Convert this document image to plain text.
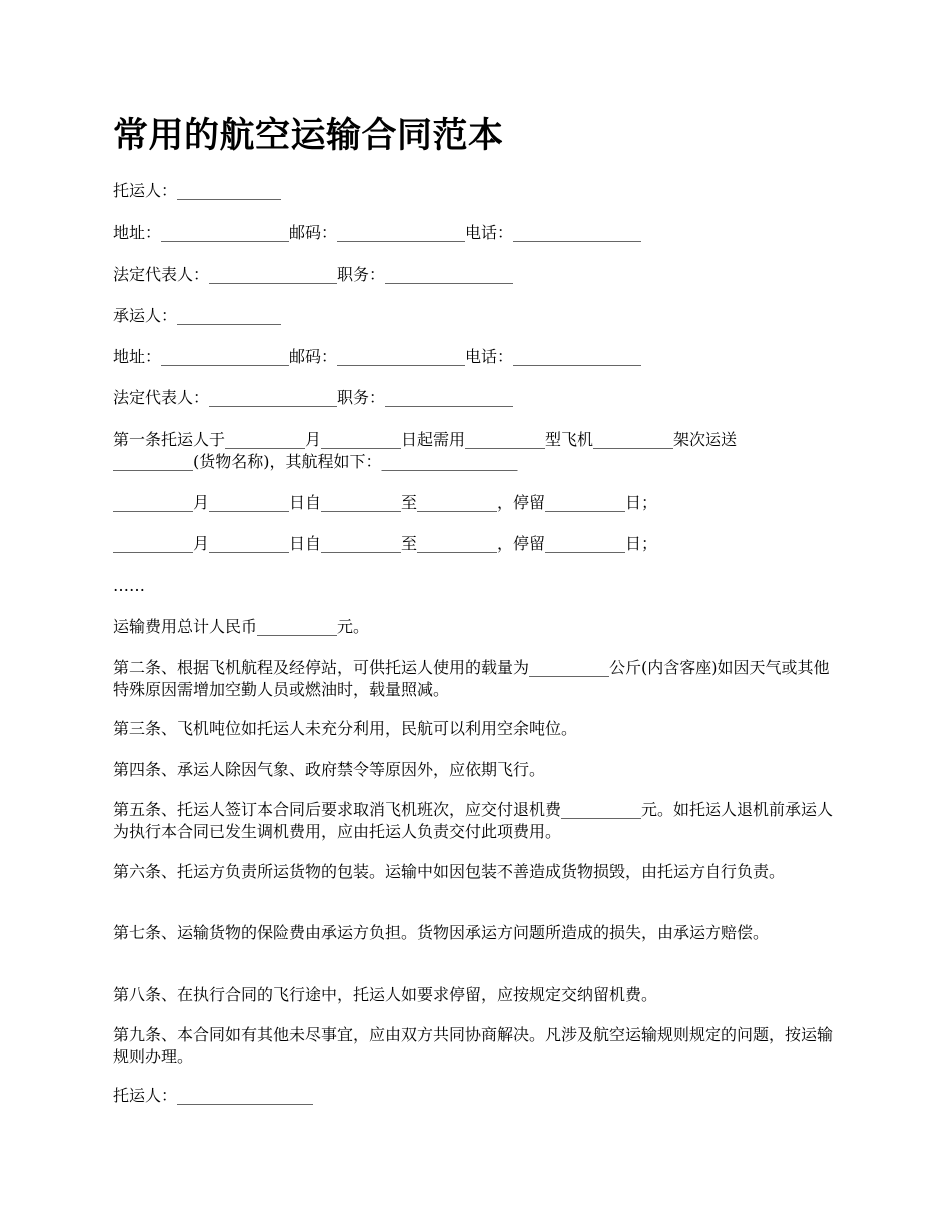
常用的航空运输合同范本

托运人：_____________

地址：________________邮码：________________电话：________________

法定代表人：________________职务：________________

承运人：_____________

地址：________________邮码：________________电话：________________

法定代表人：________________职务：________________

第一条托运人于__________月__________日起需用__________型飞机__________架次运送__________(货物名称)，其航程如下：_________________

__________月__________日自__________至__________，停留__________日；

__________月__________日自__________至__________，停留__________日；

……

运输费用总计人民币__________元。

第二条、根据飞机航程及经停站，可供托运人使用的载量为__________公斤(内含客座)如因天气或其他特殊原因需增加空勤人员或燃油时，载量照减。

第三条、飞机吨位如托运人未充分利用，民航可以利用空余吨位。

第四条、承运人除因气象、政府禁令等原因外，应依期飞行。

第五条、托运人签订本合同后要求取消飞机班次，应交付退机费__________元。如托运人退机前承运人为执行本合同已发生调机费用，应由托运人负责交付此项费用。

第六条、托运方负责所运货物的包装。运输中如因包装不善造成货物损毁，由托运方自行负责。

第七条、运输货物的保险费由承运方负担。货物因承运方问题所造成的损失，由承运方赔偿。

第八条、在执行合同的飞行途中，托运人如要求停留，应按规定交纳留机费。

第九条、本合同如有其他未尽事宜，应由双方共同协商解决。凡涉及航空运输规则规定的问题，按运输规则办理。

托运人：_________________
